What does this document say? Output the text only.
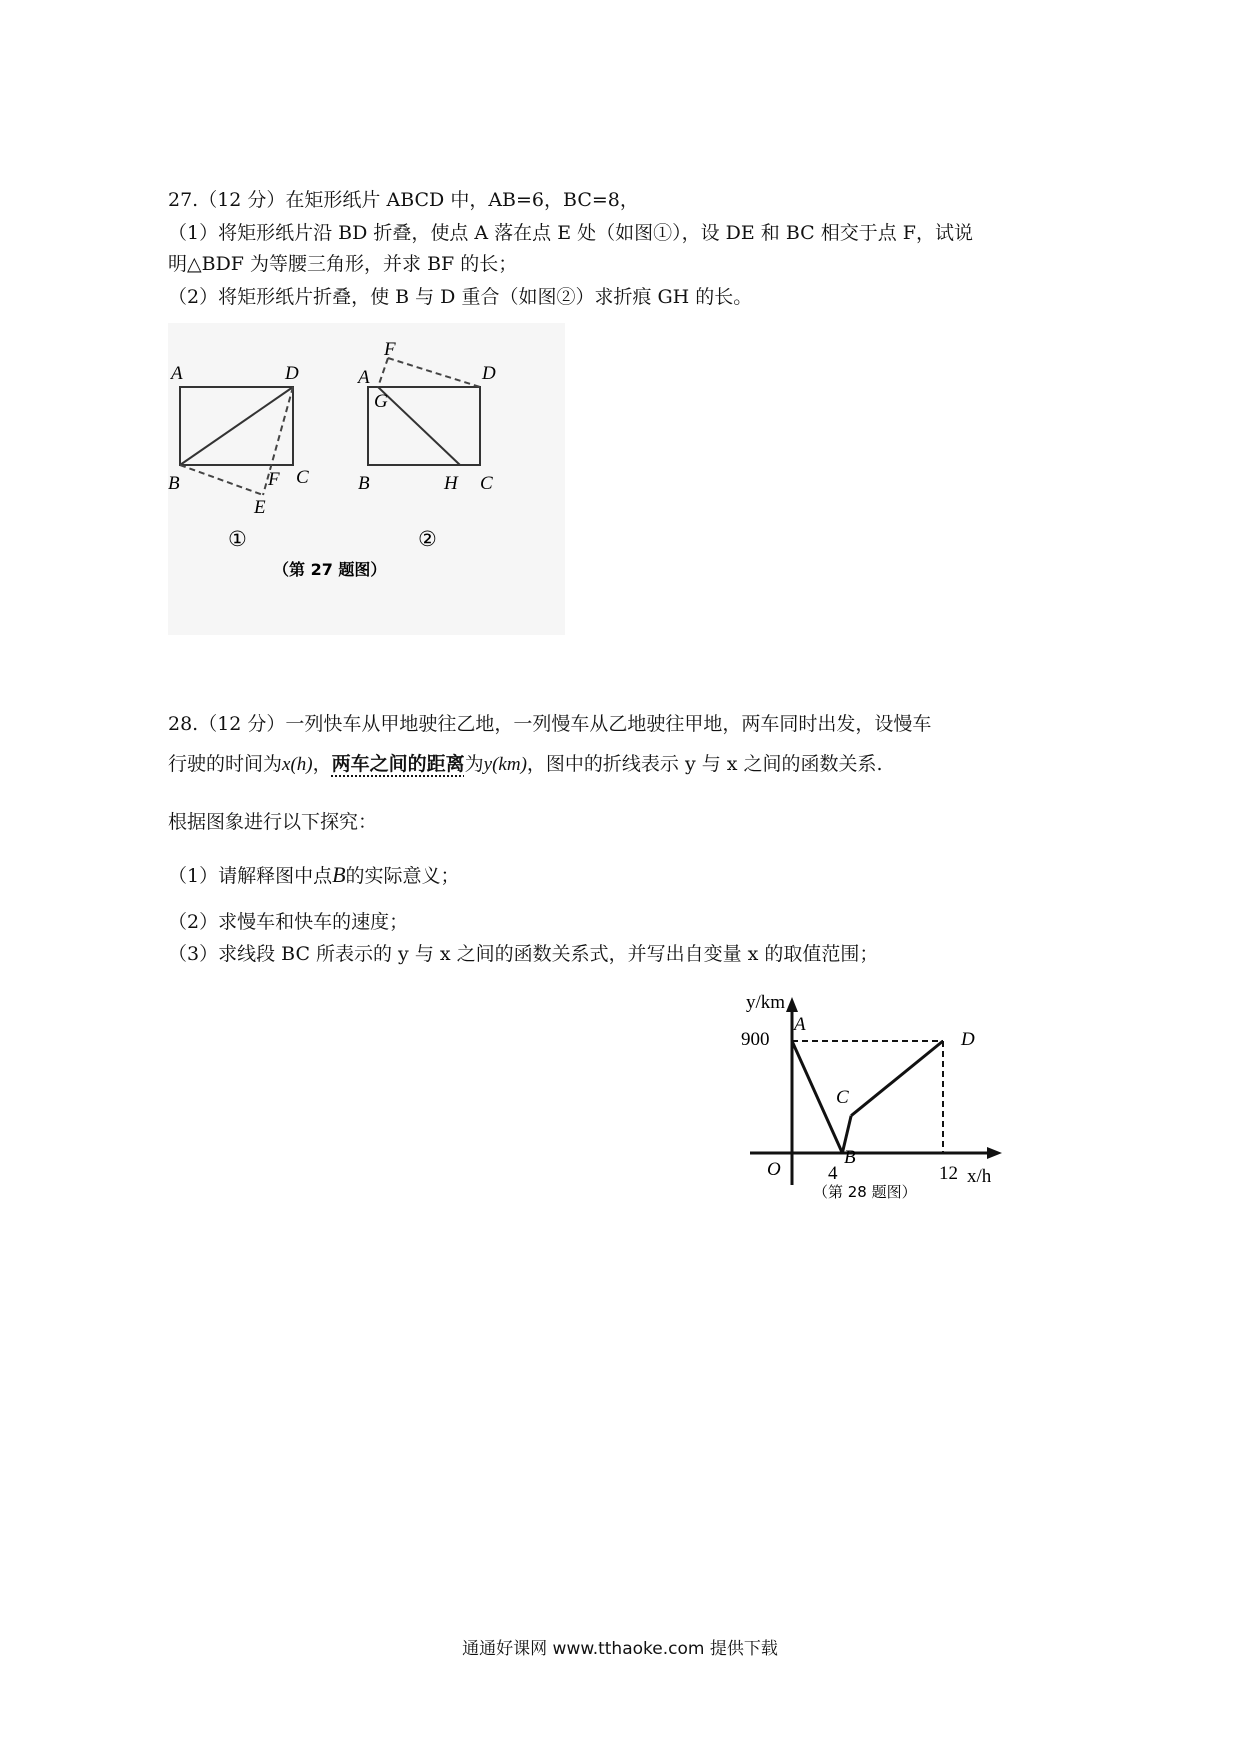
27.（12 分）在矩形纸片 ABCD 中，AB=6，BC=8，
（1）将矩形纸片沿 BD 折叠，使点 A 落在点 E 处（如图①），设 DE 和 BC 相交于点 F，试说
明△BDF 为等腰三角形，并求 BF 的长；
（2）将矩形纸片折叠，使 B 与 D 重合（如图②）求折痕 GH 的长。
A	D
B	C
F
E
①
F
A
G
D
B	H C
②
（第 27 题图）
28.（12 分）一列快车从甲地驶往乙地，一列慢车从乙地驶往甲地，两车同时出发，设慢车
行驶的时间为x(h)，两车之间的距离为y(km)，图中的折线表示 y 与 x 之间的函数关系.
根据图象进行以下探究：
（1）请解释图中点B的实际意义；
（2）求慢车和快车的速度；
（3）求线段 BC 所表示的 y 与 x 之间的函数关系式，并写出自变量 x 的取值范围；
y/km
x/h
O
900
4	12
A
B
C
D
（第 28 题图）
通通好课网 www.tthaoke.com 提供下载
